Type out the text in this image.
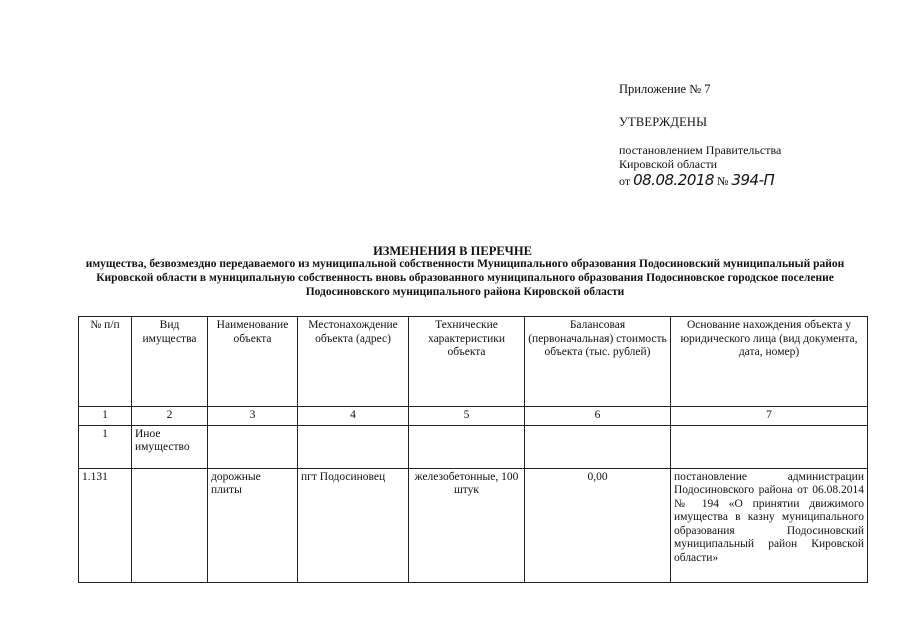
Приложение № 7
УТВЕРЖДЕНЫ
постановлением Правительства
Кировской области
от 08.08.2018 № 394-П
ИЗМЕНЕНИЯ В ПЕРЕЧНЕ
имущества, безвозмездно передаваемого из муниципальной собственности Муниципального образования Подосиновский муниципальный район Кировской области в муниципальную собственность вновь образованного муниципального образования Подосиновское городское поселение Подосиновского муниципального района Кировской области
№ п/п	Вид имущества	Наименование объекта	Местонахождение объекта (адрес)	Технические характеристики объекта	Балансовая (первоначальная) стоимость объекта (тыс. рублей)	Основание нахождения объекта у юридического лица (вид документа, дата, номер)
1	2	3	4	5	6	7
1	Иное имущество					
1.131		дорожные плиты	пгт Подосиновец	железобетонные, 100 штук	0,00	постановление администрации Подосиновского района от 06.08.2014 № 194 «О принятии движимого имущества в казну муниципального образования Подосиновский муниципальный район Кировской области»
